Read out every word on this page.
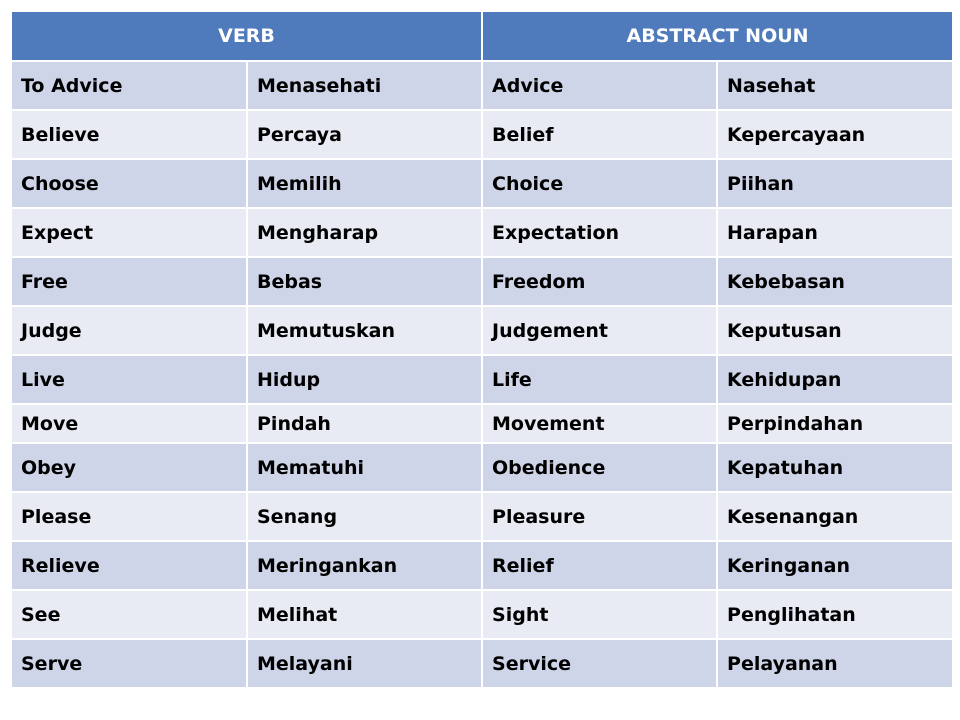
VERB		ABSTRACT NOUN	
To Advice	Menasehati	Advice	Nasehat
Believe	Percaya	Belief	Kepercayaan
Choose	Memilih	Choice	Piihan
Expect	Mengharap	Expectation	Harapan
Free	Bebas	Freedom	Kebebasan
Judge	Memutuskan	Judgement	Keputusan
Live	Hidup	Life	Kehidupan
Move	Pindah	Movement	Perpindahan
Obey	Mematuhi	Obedience	Kepatuhan
Please	Senang	Pleasure	Kesenangan
Relieve	Meringankan	Relief	Keringanan
See	Melihat	Sight	Penglihatan
Serve	Melayani	Service	Pelayanan
